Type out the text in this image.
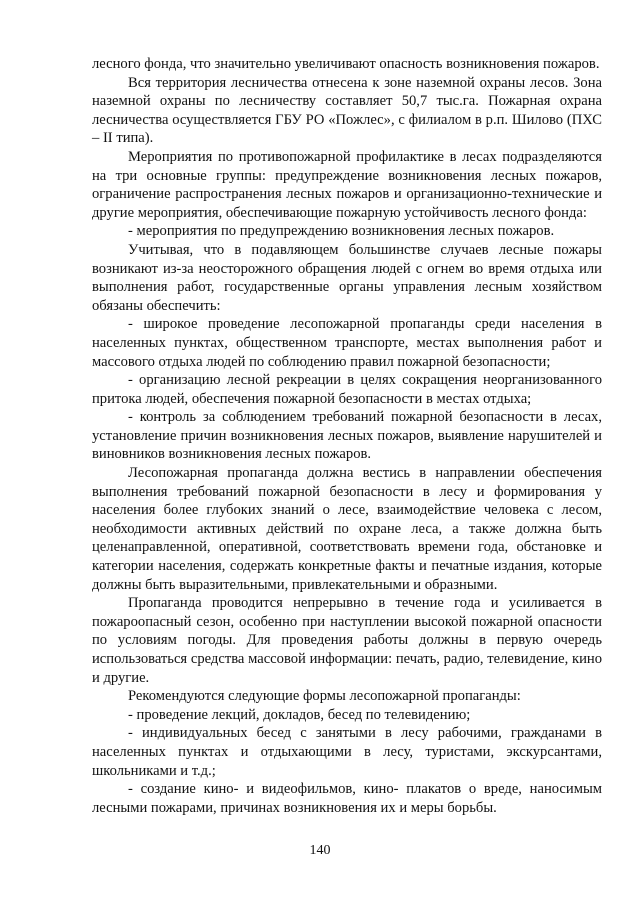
лесного фонда, что значительно увеличивают опасность возникновения пожаров.

Вся территория лесничества отнесена к зоне наземной охраны лесов. Зона наземной охраны по лесничеству составляет 50,7 тыс.га. Пожарная охрана лесничества осуществляется ГБУ РО «Пожлес», с филиалом в р.п. Шилово (ПХС – II типа).

Мероприятия по противопожарной профилактике в лесах подразделяются на три основные группы: предупреждение возникновения лесных пожаров, ограничение распространения лесных пожаров и организационно-технические и другие мероприятия, обеспечивающие пожарную устойчивость лесного фонда:

- мероприятия по предупреждению возникновения лесных пожаров.

Учитывая, что в подавляющем большинстве случаев лесные пожары возникают из-за неосторожного обращения людей с огнем во время отдыха или выполнения работ, государственные органы управления лесным хозяйством обязаны обеспечить:

- широкое проведение лесопожарной пропаганды среди населения в населенных пунктах, общественном транспорте, местах выполнения работ и массового отдыха людей по соблюдению правил пожарной безопасности;

- организацию лесной рекреации в целях сокращения неорганизованного притока людей, обеспечения пожарной безопасности в местах отдыха;

- контроль за соблюдением требований пожарной безопасности в лесах, установление причин возникновения лесных пожаров, выявление нарушителей и виновников возникновения лесных пожаров.

Лесопожарная пропаганда должна вестись в направлении обеспечения выполнения требований пожарной безопасности в лесу и формирования у населения более глубоких знаний о лесе, взаимодействие человека с лесом, необходимости активных действий по охране леса, а также должна быть целенаправленной, оперативной, соответствовать времени года, обстановке и категории населения, содержать конкретные факты и печатные издания, которые должны быть выразительными, привлекательными и образными.

Пропаганда проводится непрерывно в течение года и усиливается в пожароопасный сезон, особенно при наступлении высокой пожарной опасности по условиям погоды. Для проведения работы должны в первую очередь использоваться средства массовой информации: печать, радио, телевидение, кино и другие.

Рекомендуются следующие формы лесопожарной пропаганды:

- проведение лекций, докладов, бесед по телевидению;

- индивидуальных бесед с занятыми в лесу рабочими, гражданами в населенных пунктах и отдыхающими в лесу, туристами, экскурсантами, школьниками и т.д.;

- создание кино- и видеофильмов, кино- плакатов о вреде, наносимым лесными пожарами, причинах возникновения их и меры борьбы.

140
